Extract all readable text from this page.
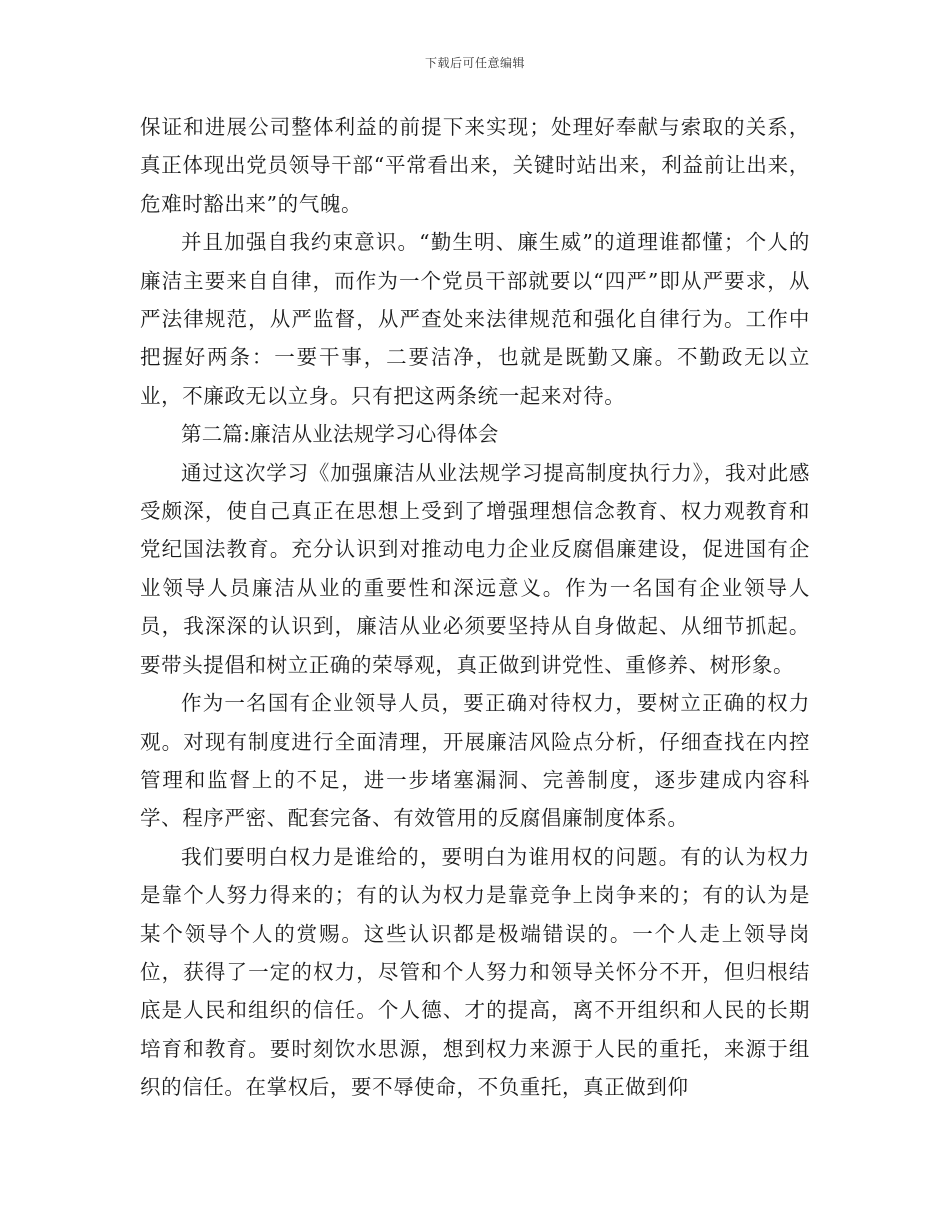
下载后可任意编辑

保证和进展公司整体利益的前提下来实现；处理好奉献与索取的关系，真正体现出党员领导干部“平常看出来，关键时站出来，利益前让出来，危难时豁出来”的气魄。

并且加强自我约束意识。“勤生明、廉生威”的道理谁都懂；个人的廉洁主要来自自律，而作为一个党员干部就要以“四严”即从严要求，从严法律规范，从严监督，从严查处来法律规范和强化自律行为。工作中把握好两条：一要干事，二要洁净，也就是既勤又廉。不勤政无以立业，不廉政无以立身。只有把这两条统一起来对待。

第二篇:廉洁从业法规学习心得体会

通过这次学习《加强廉洁从业法规学习提高制度执行力》，我对此感受颇深，使自己真正在思想上受到了增强理想信念教育、权力观教育和党纪国法教育。充分认识到对推动电力企业反腐倡廉建设，促进国有企业领导人员廉洁从业的重要性和深远意义。作为一名国有企业领导人员，我深深的认识到，廉洁从业必须要坚持从自身做起、从细节抓起。要带头提倡和树立正确的荣辱观，真正做到讲党性、重修养、树形象。

作为一名国有企业领导人员，要正确对待权力，要树立正确的权力观。对现有制度进行全面清理，开展廉洁风险点分析，仔细查找在内控管理和监督上的不足，进一步堵塞漏洞、完善制度，逐步建成内容科学、程序严密、配套完备、有效管用的反腐倡廉制度体系。

我们要明白权力是谁给的，要明白为谁用权的问题。有的认为权力是靠个人努力得来的；有的认为权力是靠竞争上岗争来的；有的认为是某个领导个人的赏赐。这些认识都是极端错误的。一个人走上领导岗位，获得了一定的权力，尽管和个人努力和领导关怀分不开，但归根结底是人民和组织的信任。个人德、才的提高，离不开组织和人民的长期培育和教育。要时刻饮水思源，想到权力来源于人民的重托，来源于组织的信任。在掌权后，要不辱使命，不负重托，真正做到仰
